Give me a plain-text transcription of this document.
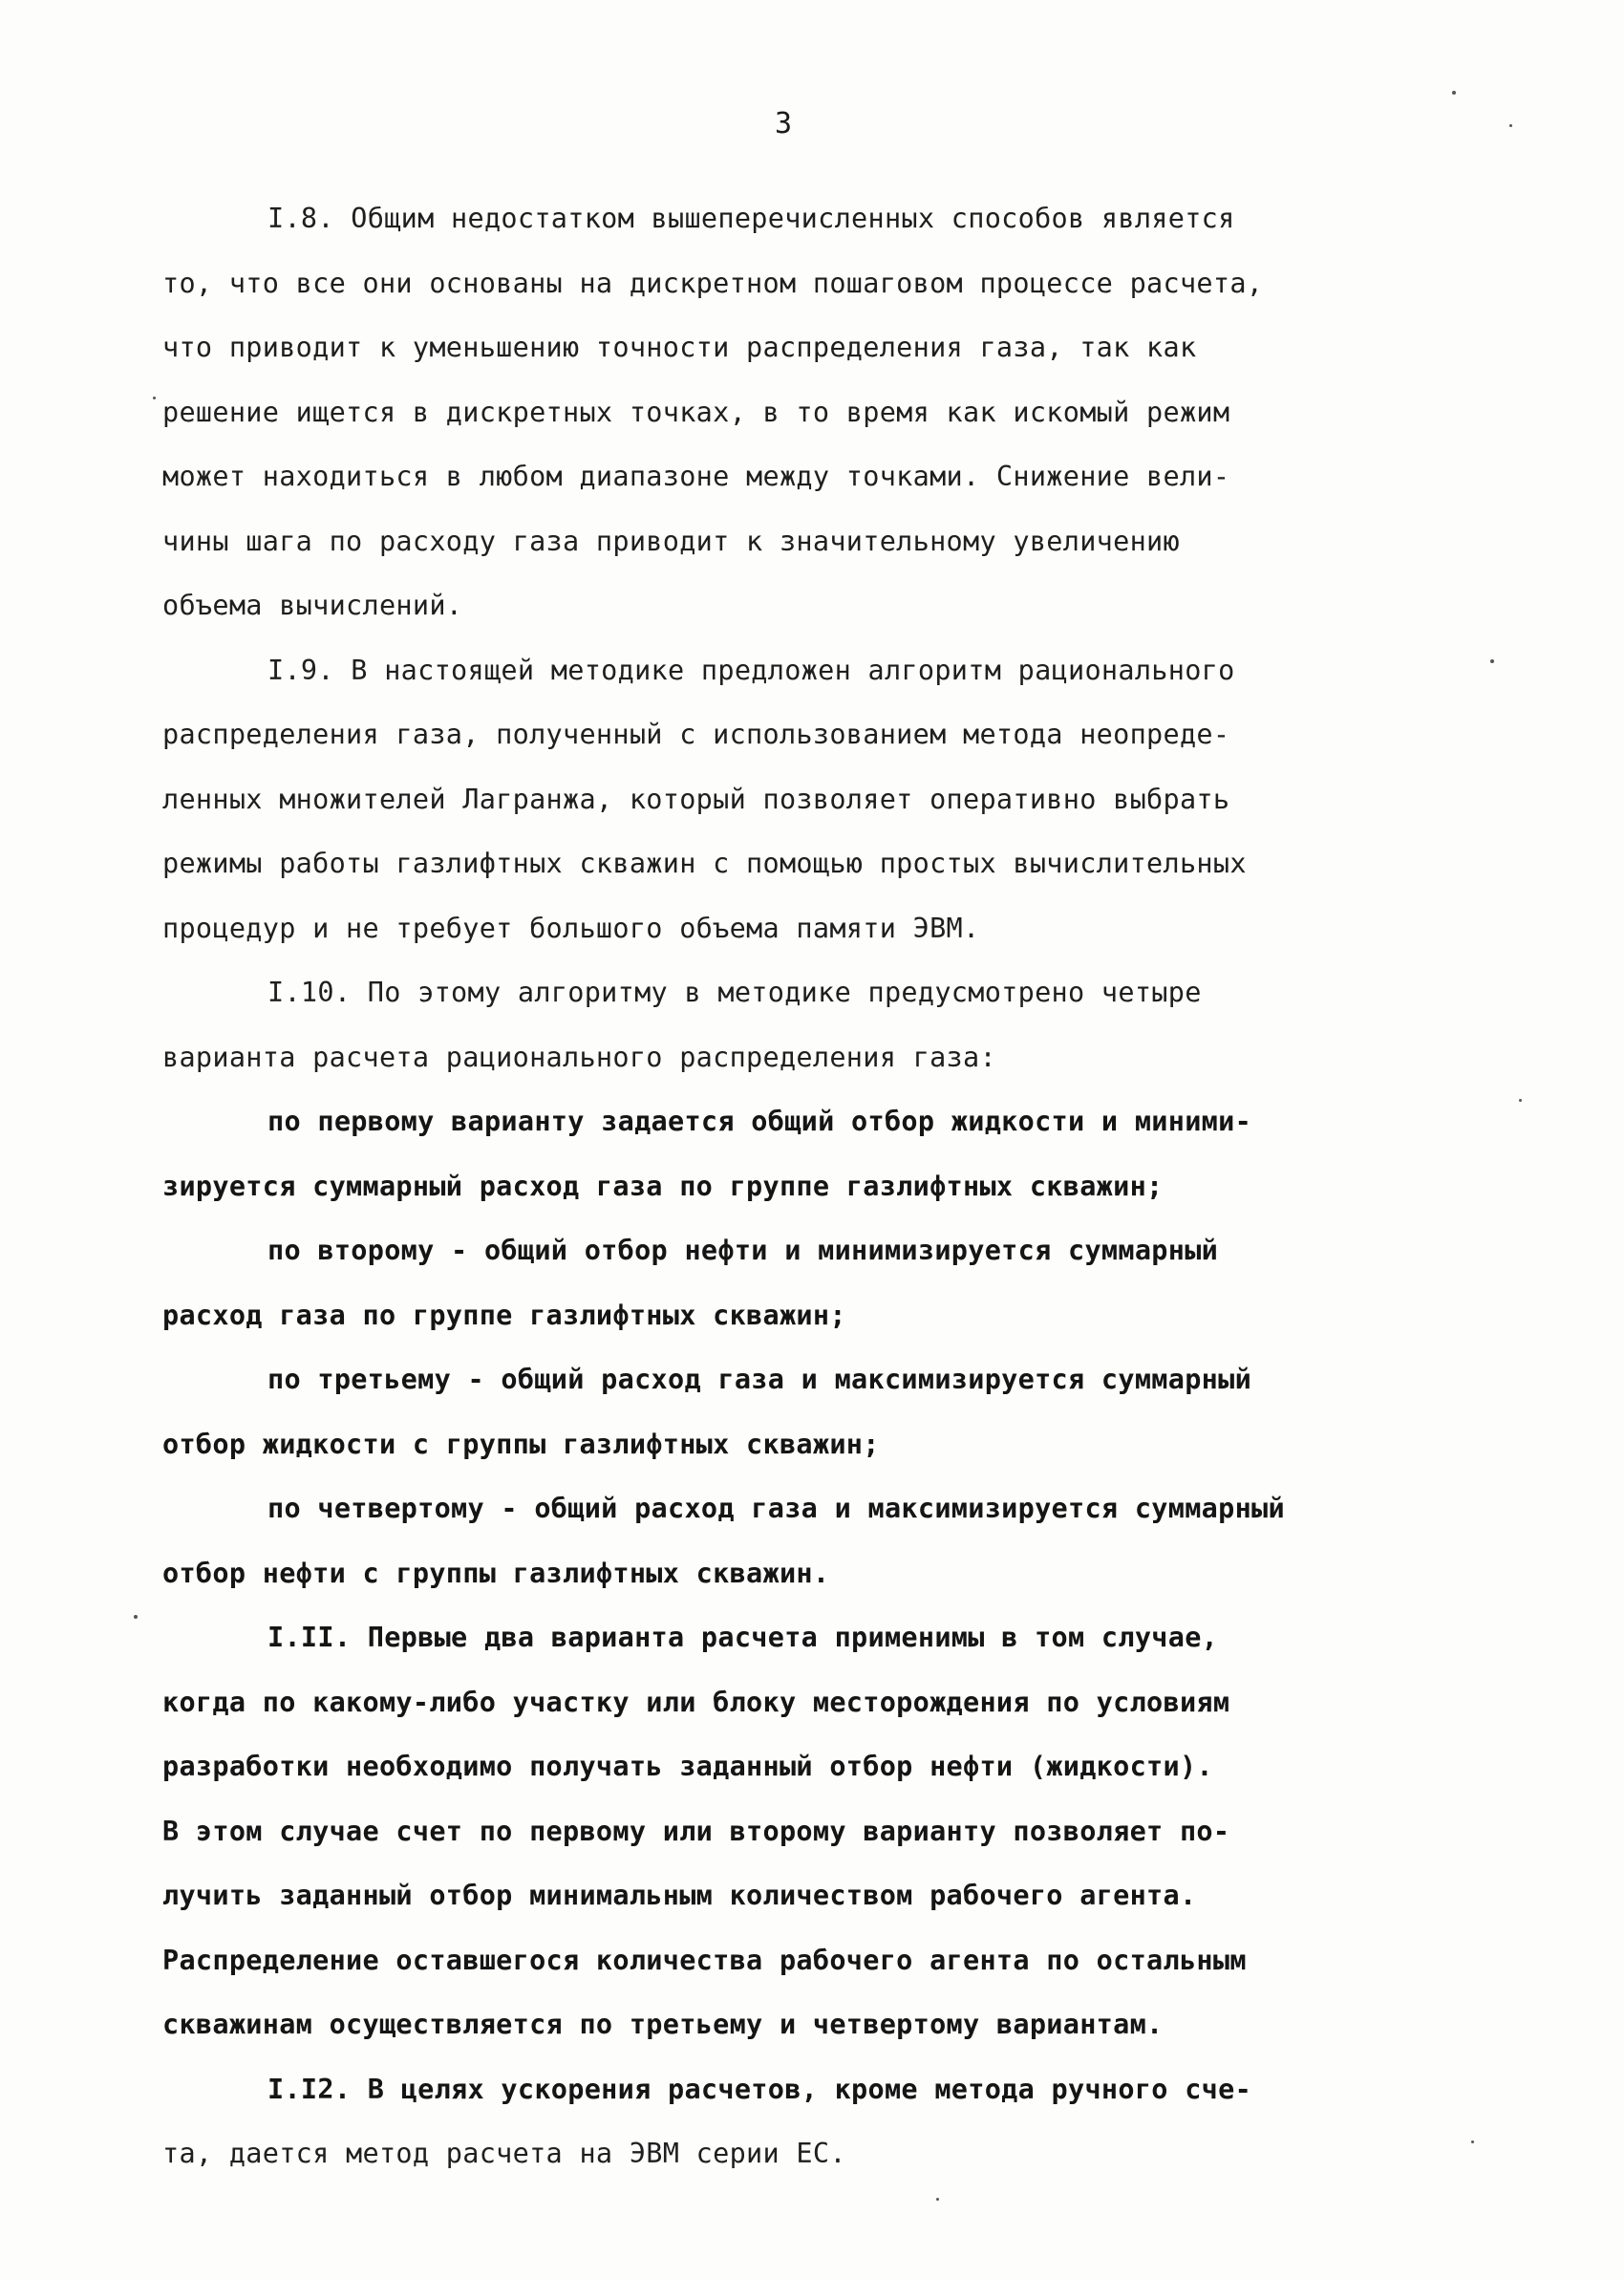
3
I.8. Общим недостатком вышеперечисленных способов является
то, что все они основаны на дискретном пошаговом процессе расчета,
что приводит к уменьшению точности распределения газа, так как
решение ищется в дискретных точках, в то время как искомый режим
может находиться в любом диапазоне между точками. Снижение вели-
чины шага по расходу газа приводит к значительному увеличению
объема вычислений.
I.9. В настоящей методике предложен алгоритм рационального
распределения газа, полученный с использованием метода неопреде-
ленных множителей Лагранжа, который позволяет оперативно выбрать
режимы работы газлифтных скважин с помощью простых вычислительных
процедур и не требует большого объема памяти ЭВМ.
I.10. По этому алгоритму в методике предусмотрено четыре
варианта расчета рационального распределения газа:
по первому варианту задается общий отбор жидкости и миними-
зируется суммарный расход газа по группе газлифтных скважин;
по второму - общий отбор нефти и минимизируется суммарный
расход газа по группе газлифтных скважин;
по третьему - общий расход газа и максимизируется суммарный
отбор жидкости с группы газлифтных скважин;
по четвертому - общий расход газа и максимизируется суммарный
отбор нефти с группы газлифтных скважин.
I.II. Первые два варианта расчета применимы в том случае,
когда по какому-либо участку или блоку месторождения по условиям
разработки необходимо получать заданный отбор нефти (жидкости).
В этом случае счет по первому или второму варианту позволяет по-
лучить заданный отбор минимальным количеством рабочего агента.
Распределение оставшегося количества рабочего агента по остальным
скважинам осуществляется по третьему и четвертому вариантам.
I.I2. В целях ускорения расчетов, кроме метода ручного сче-
та, дается метод расчета на ЭВМ серии ЕС.
